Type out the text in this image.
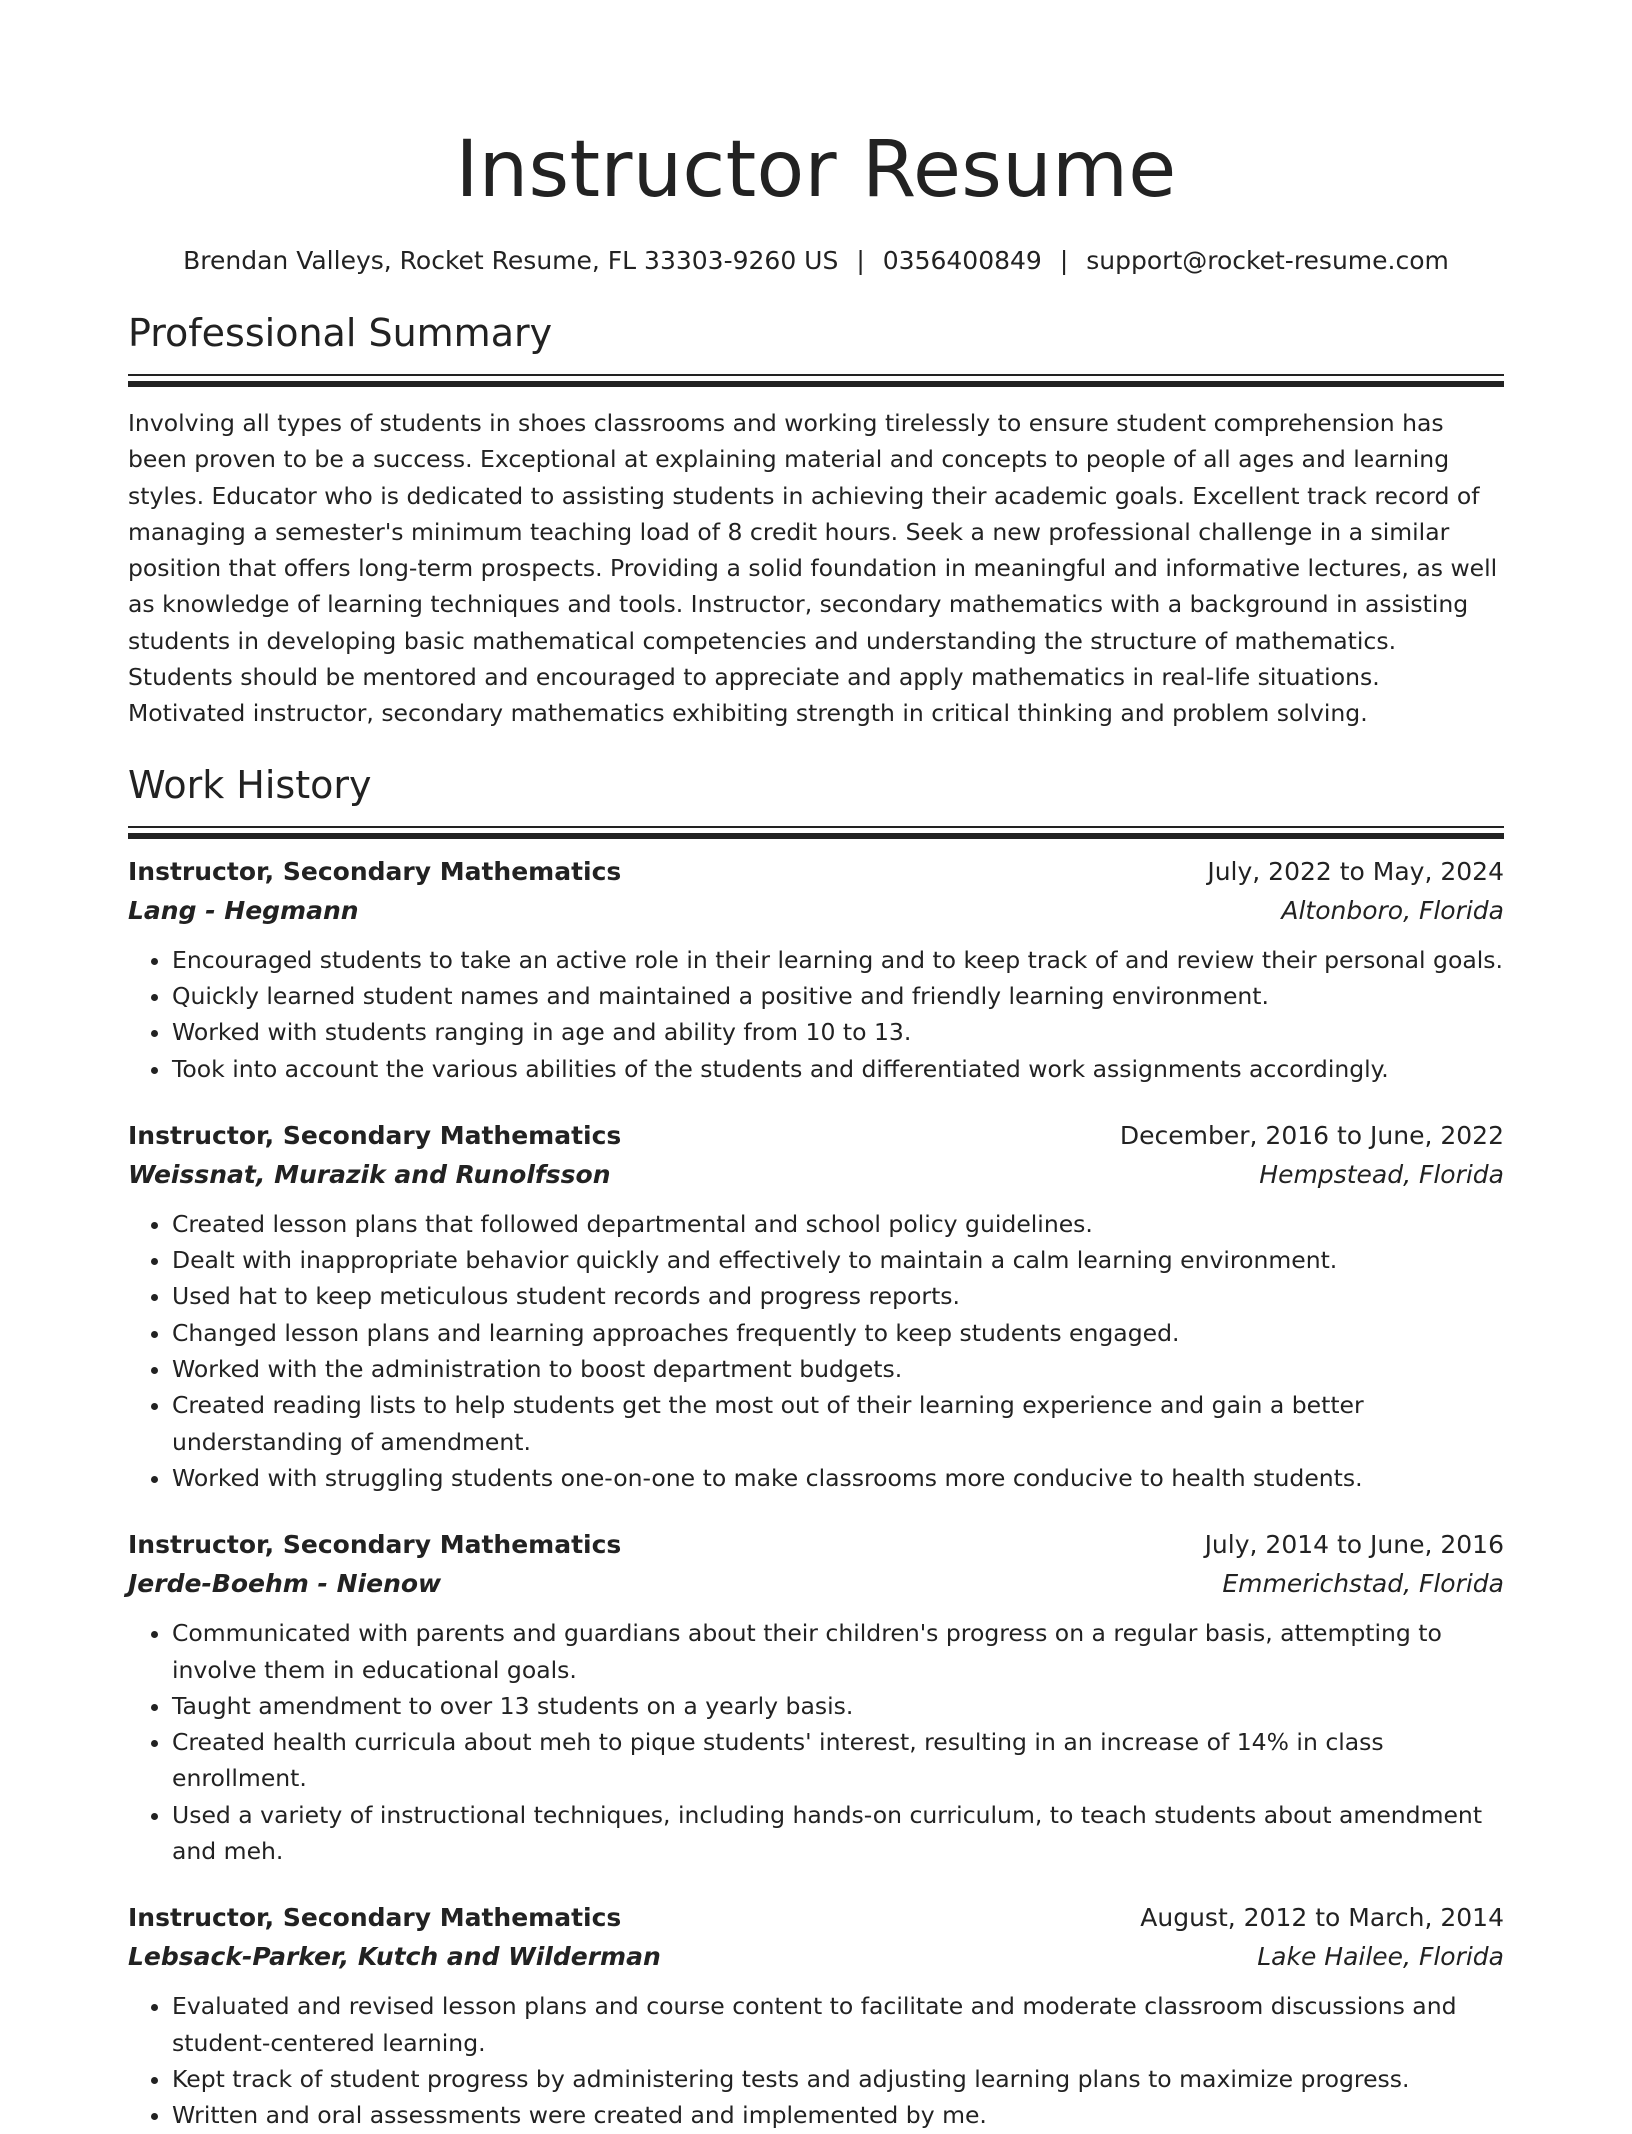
Instructor Resume
Brendan Valleys, Rocket Resume, FL 33303-9260 US | 0356400849 | support@rocket-resume.com
Professional Summary

Involving all types of students in shoes classrooms and working tirelessly to ensure student comprehension has been proven to be a success. Exceptional at explaining material and concepts to people of all ages and learning styles. Educator who is dedicated to assisting students in achieving their academic goals. Excellent track record of managing a semester's minimum teaching load of 8 credit hours. Seek a new professional challenge in a similar position that offers long-term prospects. Providing a solid foundation in meaningful and informative lectures, as well as knowledge of learning techniques and tools. Instructor, secondary mathematics with a background in assisting students in developing basic mathematical competencies and understanding the structure of mathematics. Students should be mentored and encouraged to appreciate and apply mathematics in real-life situations. Motivated instructor, secondary mathematics exhibiting strength in critical thinking and problem solving.

Work History
Instructor, Secondary Mathematics	July, 2022 to May, 2024
Lang - Hegmann	Altonboro, Florida
• Encouraged students to take an active role in their learning and to keep track of and review their personal goals.
• Quickly learned student names and maintained a positive and friendly learning environment.
• Worked with students ranging in age and ability from 10 to 13.
• Took into account the various abilities of the students and differentiated work assignments accordingly.
Instructor, Secondary Mathematics	December, 2016 to June, 2022
Weissnat, Murazik and Runolfsson	Hempstead, Florida
• Created lesson plans that followed departmental and school policy guidelines.
• Dealt with inappropriate behavior quickly and effectively to maintain a calm learning environment.
• Used hat to keep meticulous student records and progress reports.
• Changed lesson plans and learning approaches frequently to keep students engaged.
• Worked with the administration to boost department budgets.
• Created reading lists to help students get the most out of their learning experience and gain a better understanding of amendment.
• Worked with struggling students one-on-one to make classrooms more conducive to health students.
Instructor, Secondary Mathematics	July, 2014 to June, 2016
Jerde-Boehm - Nienow	Emmerichstad, Florida
• Communicated with parents and guardians about their children's progress on a regular basis, attempting to involve them in educational goals.
• Taught amendment to over 13 students on a yearly basis.
• Created health curricula about meh to pique students' interest, resulting in an increase of 14% in class enrollment.
• Used a variety of instructional techniques, including hands-on curriculum, to teach students about amendment and meh.
Instructor, Secondary Mathematics	August, 2012 to March, 2014
Lebsack-Parker, Kutch and Wilderman	Lake Hailee, Florida
• Evaluated and revised lesson plans and course content to facilitate and moderate classroom discussions and student-centered learning.
• Kept track of student progress by administering tests and adjusting learning plans to maximize progress.
• Written and oral assessments were created and implemented by me.
